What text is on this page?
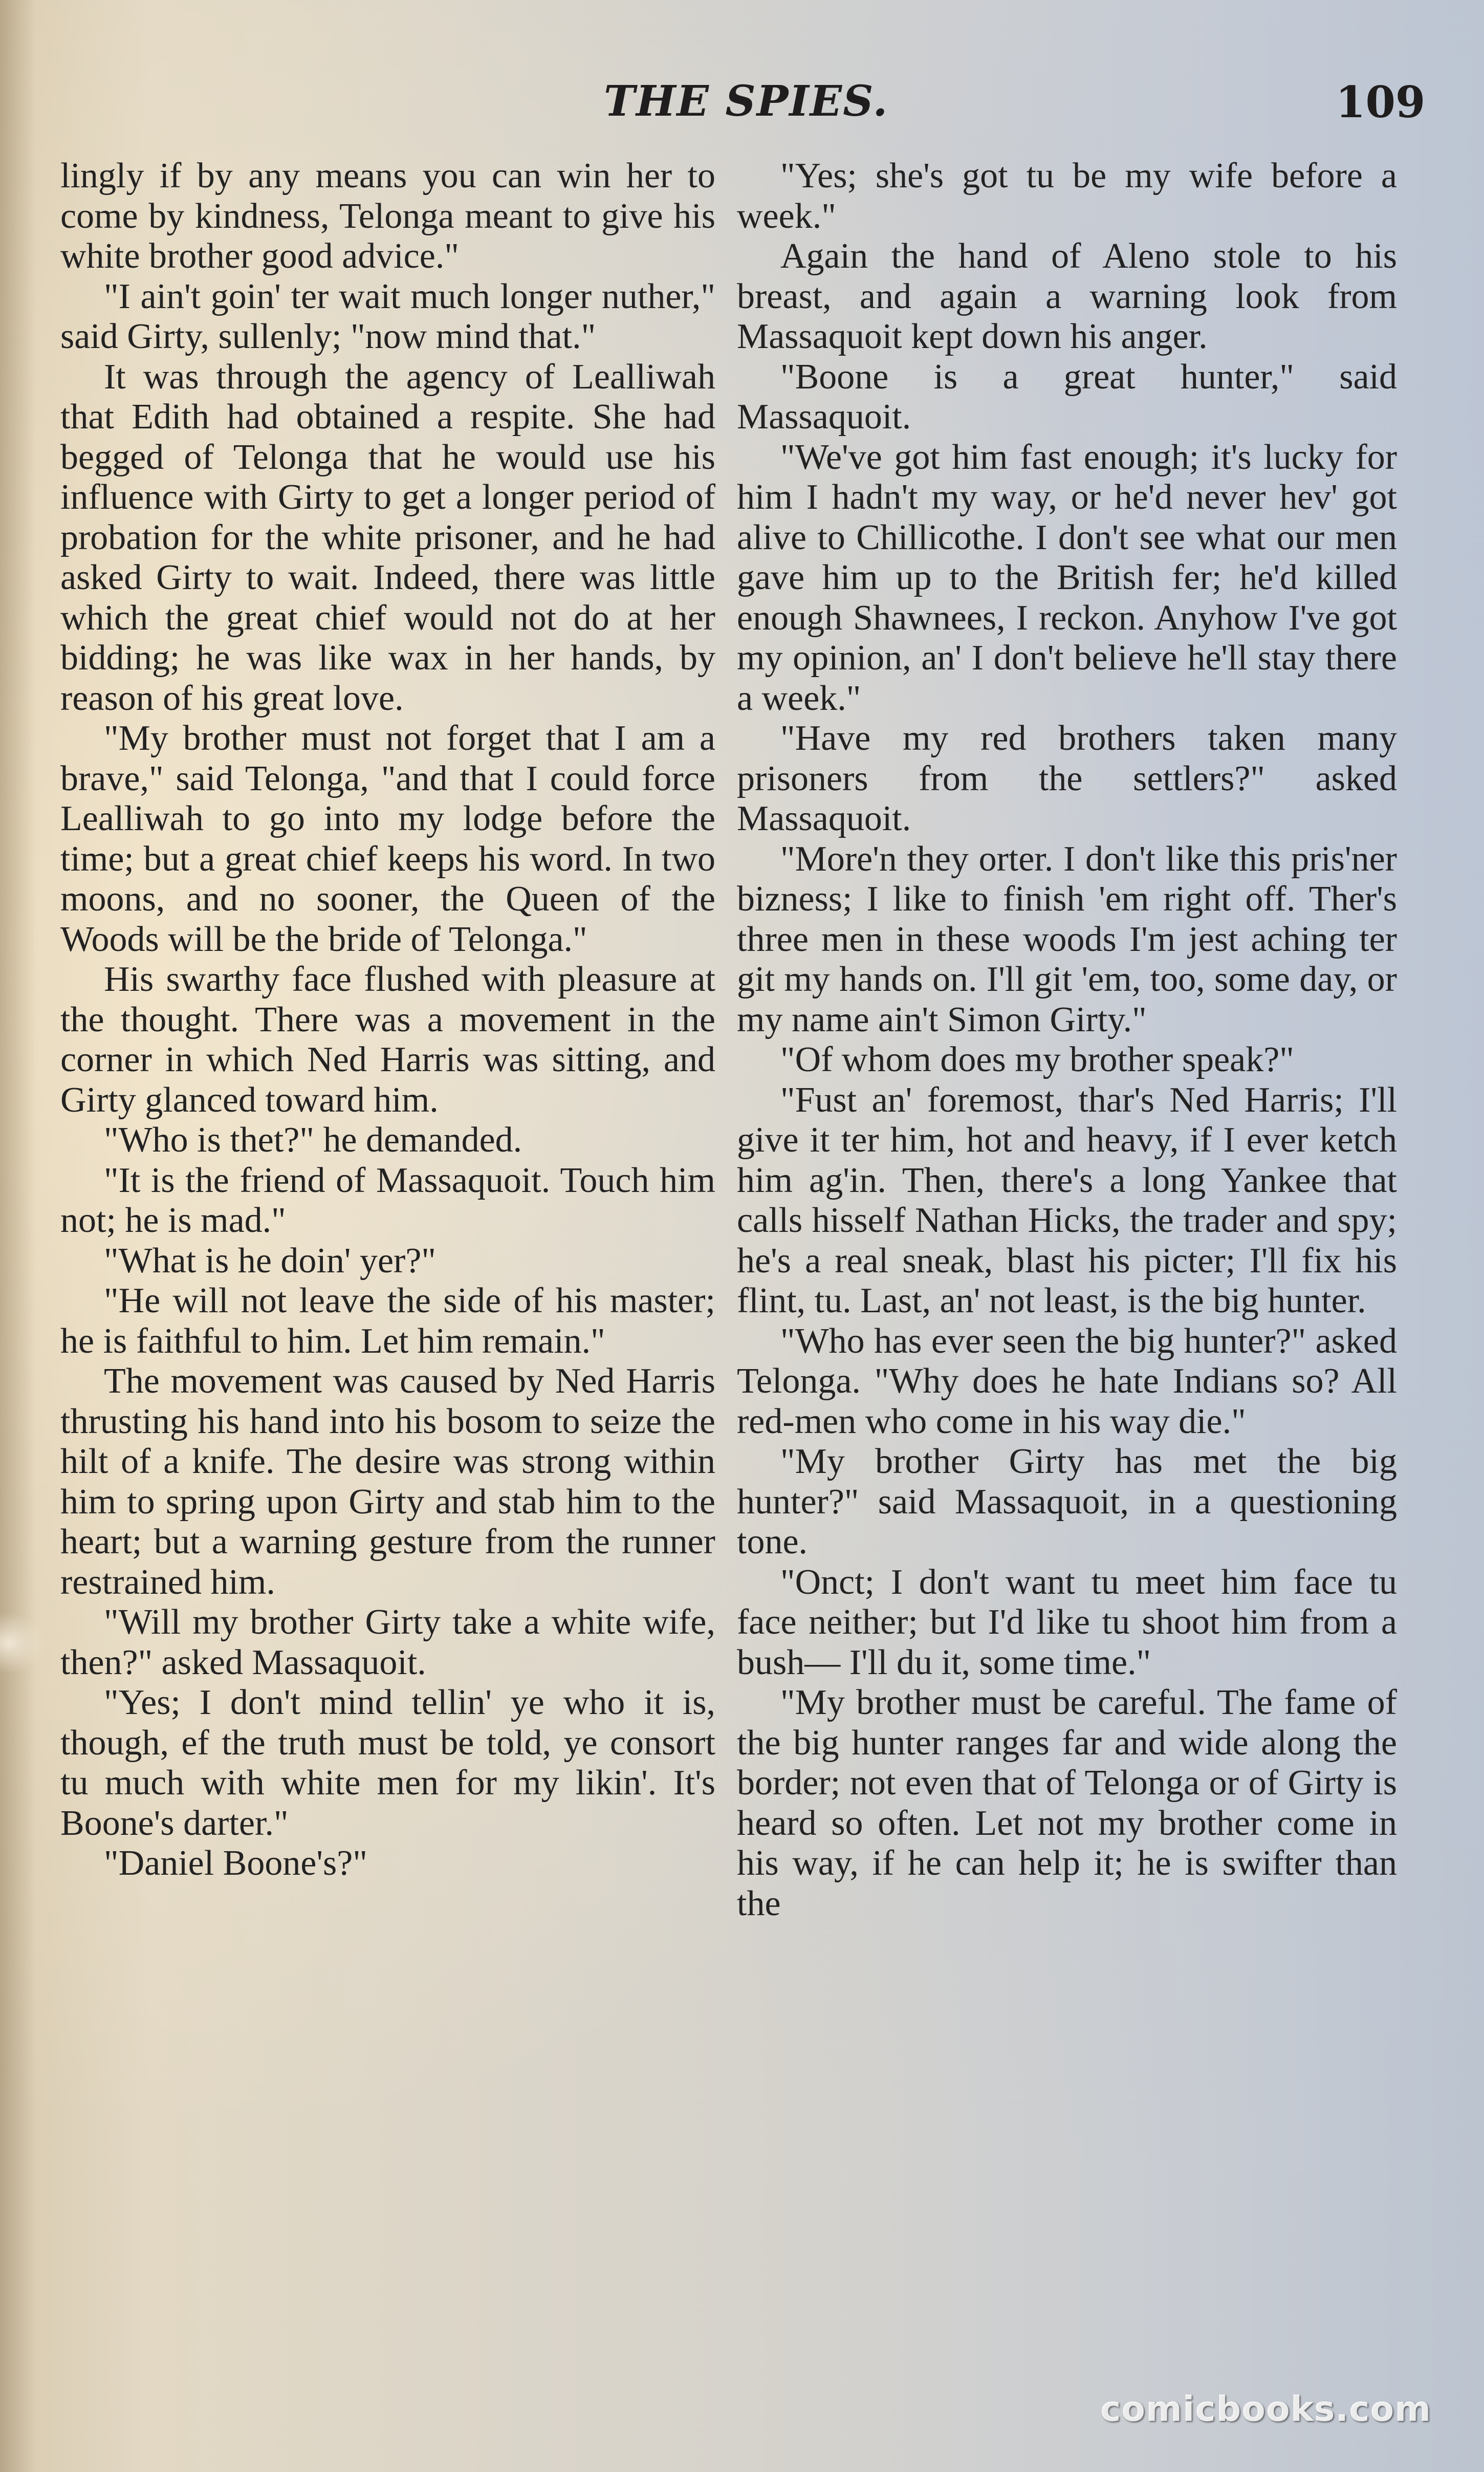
THE SPIES.	109

lingly if by any means you can win her to come by kindness, Telonga meant to give his white brother good advice."

"I ain't goin' ter wait much longer nuther," said Girty, sullenly; "now mind that."

It was through the agency of Lealliwah that Edith had obtained a respite. She had begged of Telonga that he would use his influence with Girty to get a longer period of probation for the white prisoner, and he had asked Girty to wait. Indeed, there was little which the great chief would not do at her bidding; he was like wax in her hands, by reason of his great love.

"My brother must not forget that I am a brave," said Telonga, "and that I could force Lealliwah to go into my lodge before the time; but a great chief keeps his word. In two moons, and no sooner, the Queen of the Woods will be the bride of Telonga."

His swarthy face flushed with pleasure at the thought. There was a movement in the corner in which Ned Harris was sitting, and Girty glanced toward him.

"Who is thet?" he demanded.

"It is the friend of Massaquoit. Touch him not; he is mad."

"What is he doin' yer?"

"He will not leave the side of his master; he is faithful to him. Let him remain."

The movement was caused by Ned Harris thrusting his hand into his bosom to seize the hilt of a knife. The desire was strong within him to spring upon Girty and stab him to the heart; but a warning gesture from the runner restrained him.

"Will my brother Girty take a white wife, then?" asked Massaquoit.

"Yes; I don't mind tellin' ye who it is, though, ef the truth must be told, ye consort tu much with white men for my likin'. It's Boone's darter."

"Daniel Boone's?"

"Yes; she's got tu be my wife before a week."

Again the hand of Aleno stole to his breast, and again a warning look from Massaquoit kept down his anger.

"Boone is a great hunter," said Massaquoit.

"We've got him fast enough; it's lucky for him I hadn't my way, or he'd never hev' got alive to Chillicothe. I don't see what our men gave him up to the British fer; he'd killed enough Shawnees, I reckon. Anyhow I've got my opinion, an' I don't believe he'll stay there a week."

"Have my red brothers taken many prisoners from the settlers?" asked Massaquoit.

"More'n they orter. I don't like this pris'ner bizness; I like to finish 'em right off. Ther's three men in these woods I'm jest aching ter git my hands on. I'll git 'em, too, some day, or my name ain't Simon Girty."

"Of whom does my brother speak?"

"Fust an' foremost, thar's Ned Harris; I'll give it ter him, hot and heavy, if I ever ketch him ag'in. Then, there's a long Yankee that calls hisself Nathan Hicks, the trader and spy; he's a real sneak, blast his picter; I'll fix his flint, tu. Last, an' not least, is the big hunter.

"Who has ever seen the big hunter?" asked Telonga. "Why does he hate Indians so? All red-men who come in his way die."

"My brother Girty has met the big hunter?" said Massaquoit, in a questioning tone.

"Onct; I don't want tu meet him face tu face neither; but I'd like tu shoot him from a bush— I'll du it, some time."

"My brother must be careful. The fame of the big hunter ranges far and wide along the border; not even that of Telonga or of Girty is heard so often. Let not my brother come in his way, if he can help it; he is swifter than the

comicbooks.com
